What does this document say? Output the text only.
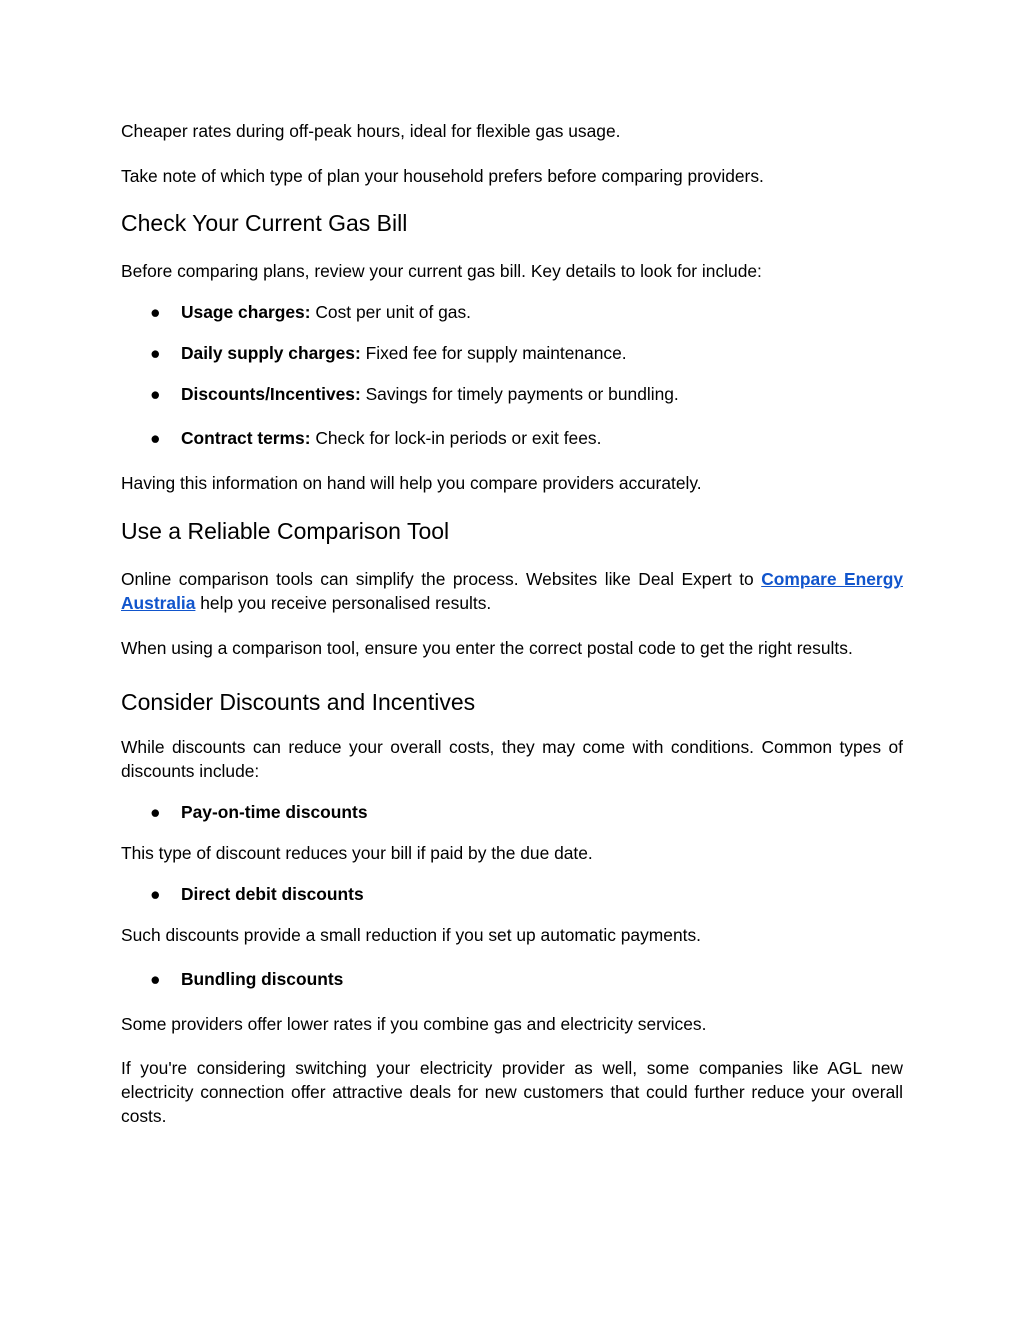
Cheaper rates during off-peak hours, ideal for flexible gas usage.

Take note of which type of plan your household prefers before comparing providers.

Check Your Current Gas Bill

Before comparing plans, review your current gas bill. Key details to look for include:

● Usage charges: Cost per unit of gas.
● Daily supply charges: Fixed fee for supply maintenance.
● Discounts/Incentives: Savings for timely payments or bundling.
● Contract terms: Check for lock-in periods or exit fees.

Having this information on hand will help you compare providers accurately.

Use a Reliable Comparison Tool

Online comparison tools can simplify the process. Websites like Deal Expert to Compare Energy Australia help you receive personalised results.

When using a comparison tool, ensure you enter the correct postal code to get the right results.

Consider Discounts and Incentives

While discounts can reduce your overall costs, they may come with conditions. Common types of discounts include:

● Pay-on-time discounts

This type of discount reduces your bill if paid by the due date.

● Direct debit discounts

Such discounts provide a small reduction if you set up automatic payments.

● Bundling discounts

Some providers offer lower rates if you combine gas and electricity services.

If you're considering switching your electricity provider as well, some companies like AGL new electricity connection offer attractive deals for new customers that could further reduce your overall costs.
